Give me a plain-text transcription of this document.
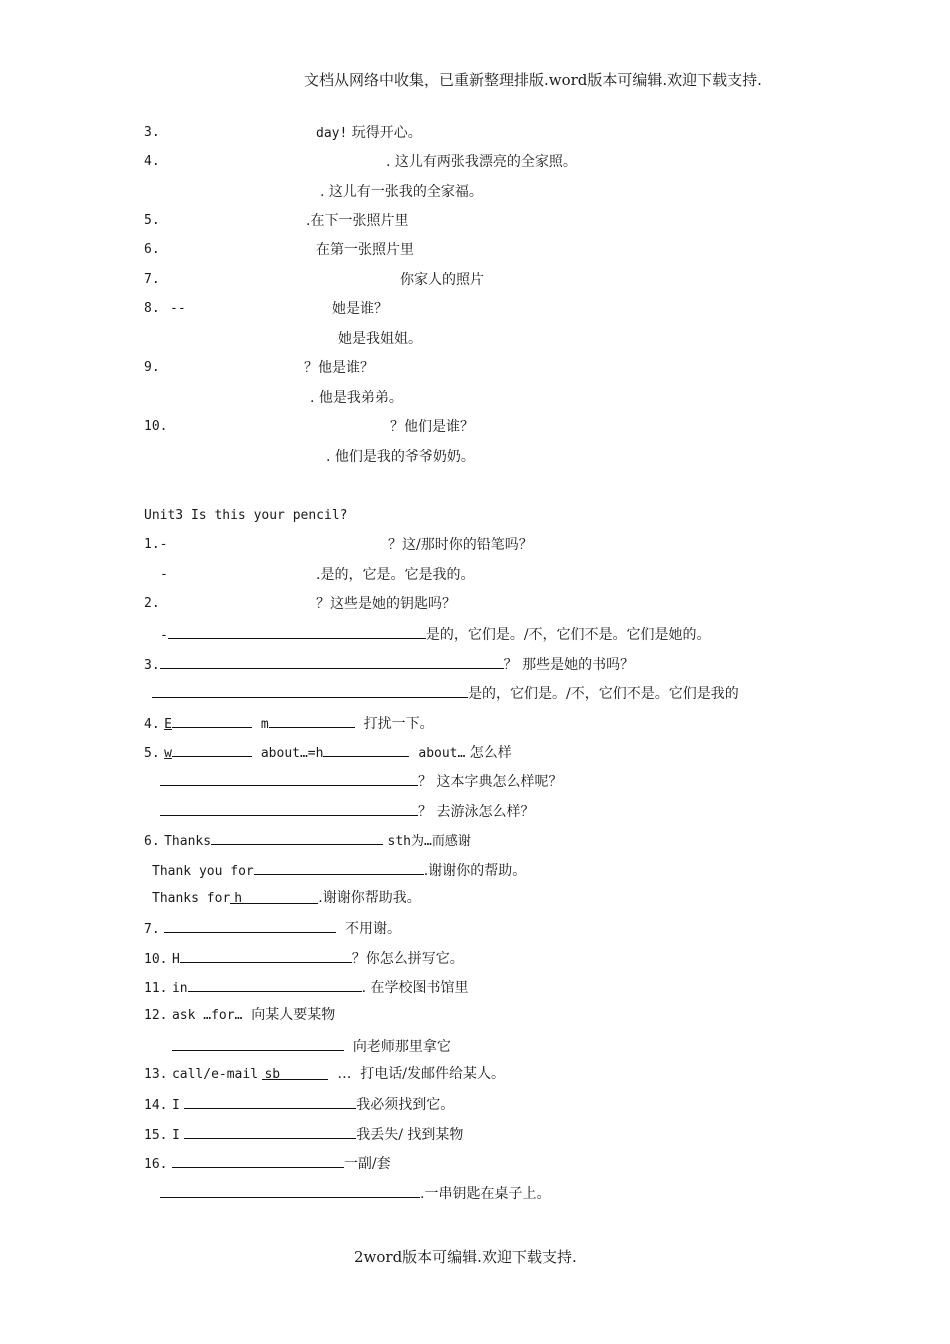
文档从网络中收集，已重新整理排版.word版本可编辑.欢迎下载支持.
3.	day! 玩得开心。
4.	. 这儿有两张我漂亮的全家照。
. 这儿有一张我的全家福。
5.	.在下一张照片里
6.	在第一张照片里
7.	你家人的照片
8. --	她是谁？
她是我姐姐。
9.	？他是谁？
. 他是我弟弟。
10.	？他们是谁？
. 他们是我的爷爷奶奶。
Unit3 Is this your pencil?
1.-	？这/那时你的铅笔吗？
-	.是的，它是。它是我的。
2.	？这些是她的钥匙吗？
-	是的，它们是。/不，它们不是。它们是她的。
3.	？ 那些是她的书吗？
是的，它们是。/不，它们不是。它们是我的
4. E	m	打扰一下。
5. w	about…=h	about… 怎么样
？ 这本字典怎么样呢？
？ 去游泳怎么样？
6. Thanks	sth为…而感谢
Thank you for	.谢谢你的帮助。
Thanks for h	.谢谢你帮助我。
7.	不用谢。
10. H	？你怎么拼写它。
11. in	. 在学校图书馆里
12. ask …for… 向某人要某物
向老师那里拿它
13. call/e-mail sb	… 打电话/发邮件给某人。
14. I	我必须找到它。
15. I	我丢失/ 找到某物
16.	一副/套
.一串钥匙在桌子上。
2word版本可编辑.欢迎下载支持.
